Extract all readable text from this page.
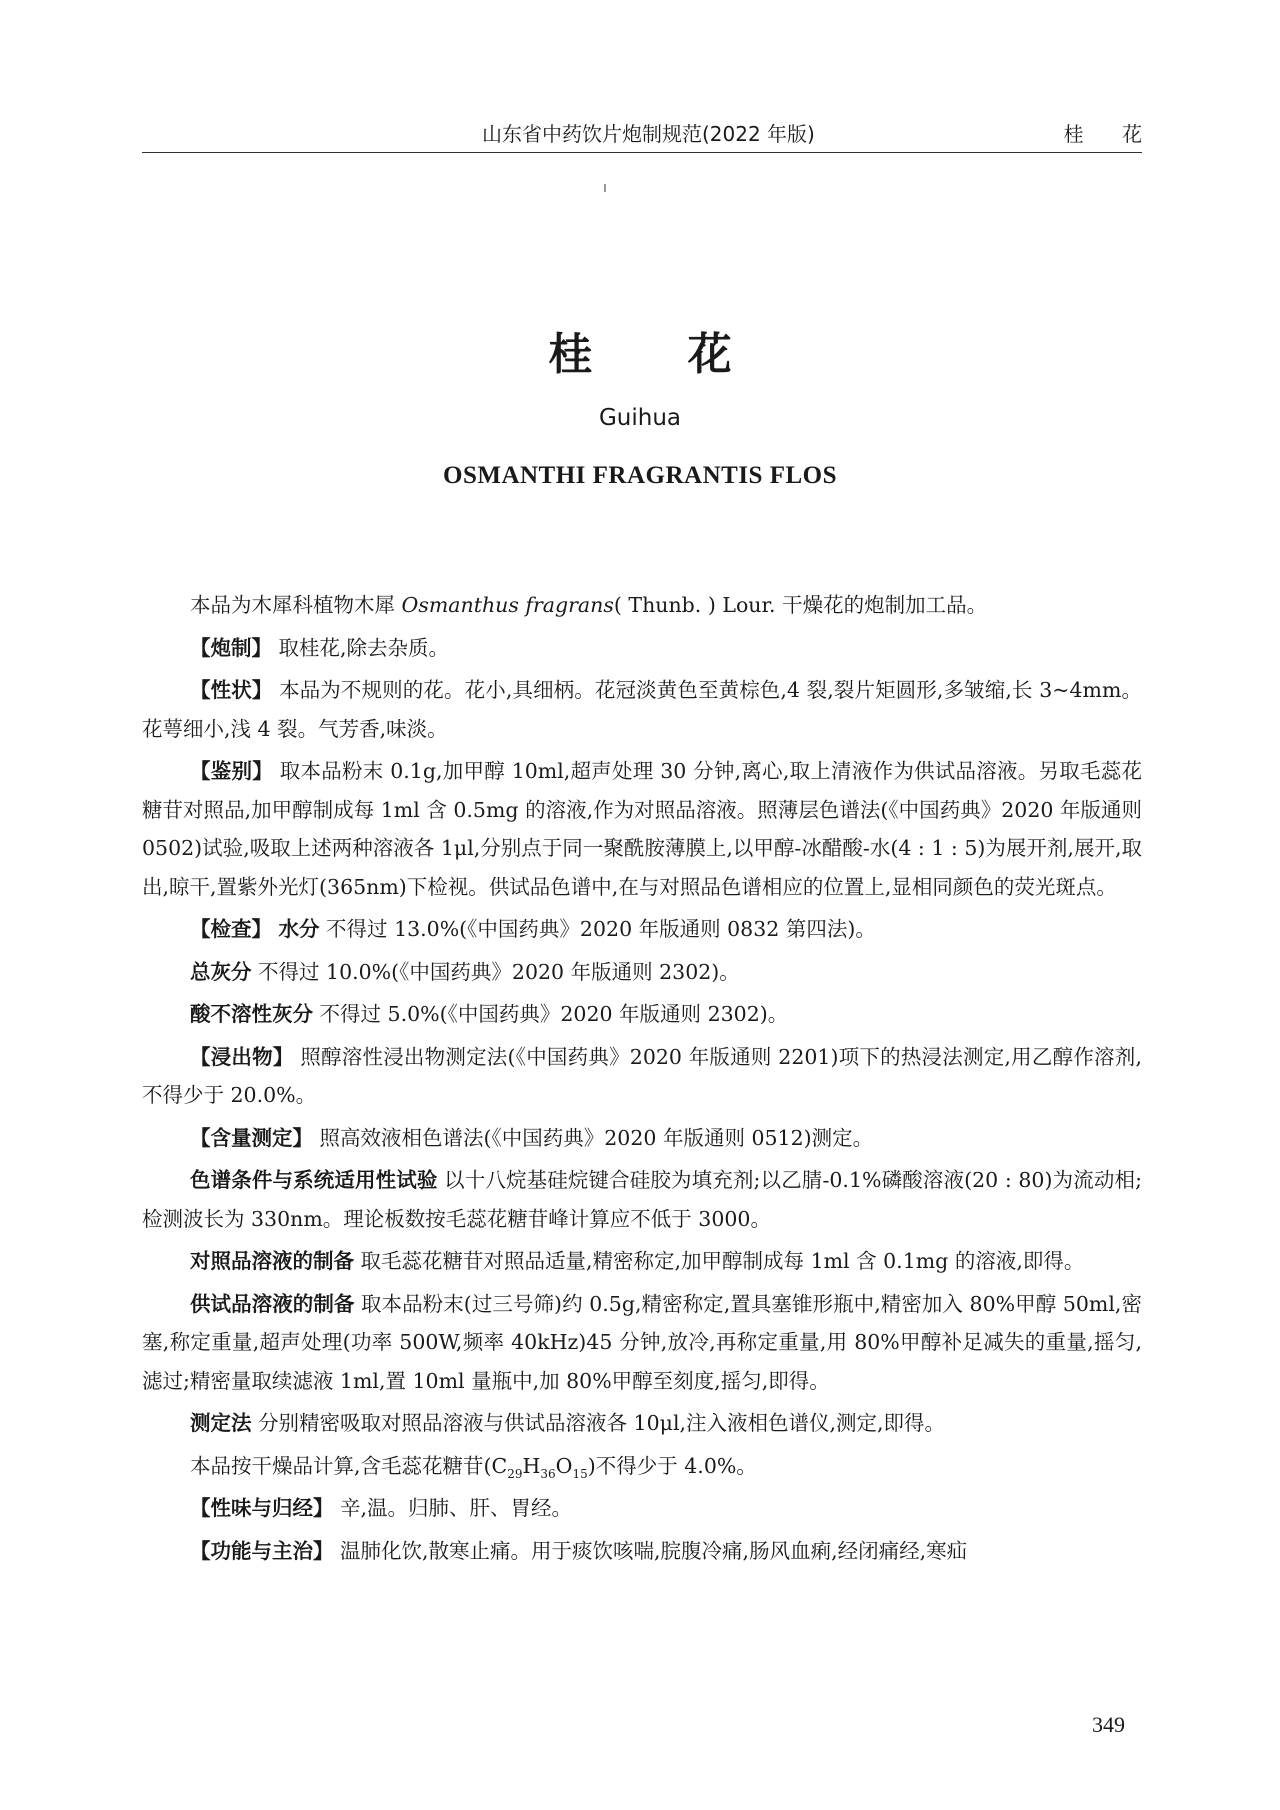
山东省中药饮片炮制规范(2022 年版)	桂 花
桂 花
Guihua
OSMANTHI FRAGRANTIS FLOS

本品为木犀科植物木犀 Osmanthus fragrans( Thunb. ) Lour. 干燥花的炮制加工品。

【炮制】 取桂花,除去杂质。

【性状】 本品为不规则的花。花小,具细柄。花冠淡黄色至黄棕色,4 裂,裂片矩圆形,多皱缩,长 3~4mm。花萼细小,浅 4 裂。气芳香,味淡。

【鉴别】 取本品粉末 0.1g,加甲醇 10ml,超声处理 30 分钟,离心,取上清液作为供试品溶液。另取毛蕊花糖苷对照品,加甲醇制成每 1ml 含 0.5mg 的溶液,作为对照品溶液。照薄层色谱法(《中国药典》2020 年版通则 0502)试验,吸取上述两种溶液各 1μl,分别点于同一聚酰胺薄膜上,以甲醇-冰醋酸-水(4 : 1 : 5)为展开剂,展开,取出,晾干,置紫外光灯(365nm)下检视。供试品色谱中,在与对照品色谱相应的位置上,显相同颜色的荧光斑点。

【检查】 水分 不得过 13.0%(《中国药典》2020 年版通则 0832 第四法)。

总灰分 不得过 10.0%(《中国药典》2020 年版通则 2302)。

酸不溶性灰分 不得过 5.0%(《中国药典》2020 年版通则 2302)。

【浸出物】 照醇溶性浸出物测定法(《中国药典》2020 年版通则 2201)项下的热浸法测定,用乙醇作溶剂,不得少于 20.0%。

【含量测定】 照高效液相色谱法(《中国药典》2020 年版通则 0512)测定。

色谱条件与系统适用性试验 以十八烷基硅烷键合硅胶为填充剂;以乙腈-0.1%磷酸溶液(20 : 80)为流动相;检测波长为 330nm。理论板数按毛蕊花糖苷峰计算应不低于 3000。

对照品溶液的制备 取毛蕊花糖苷对照品适量,精密称定,加甲醇制成每 1ml 含 0.1mg 的溶液,即得。

供试品溶液的制备 取本品粉末(过三号筛)约 0.5g,精密称定,置具塞锥形瓶中,精密加入 80%甲醇 50ml,密塞,称定重量,超声处理(功率 500W,频率 40kHz)45 分钟,放冷,再称定重量,用 80%甲醇补足减失的重量,摇匀,滤过;精密量取续滤液 1ml,置 10ml 量瓶中,加 80%甲醇至刻度,摇匀,即得。

测定法 分别精密吸取对照品溶液与供试品溶液各 10μl,注入液相色谱仪,测定,即得。

本品按干燥品计算,含毛蕊花糖苷$(C_{29}H_{36}O_{15})$不得少于 4.0%。

【性味与归经】 辛,温。归肺、肝、胃经。

【功能与主治】 温肺化饮,散寒止痛。用于痰饮咳喘,脘腹冷痛,肠风血痢,经闭痛经,寒疝

349
